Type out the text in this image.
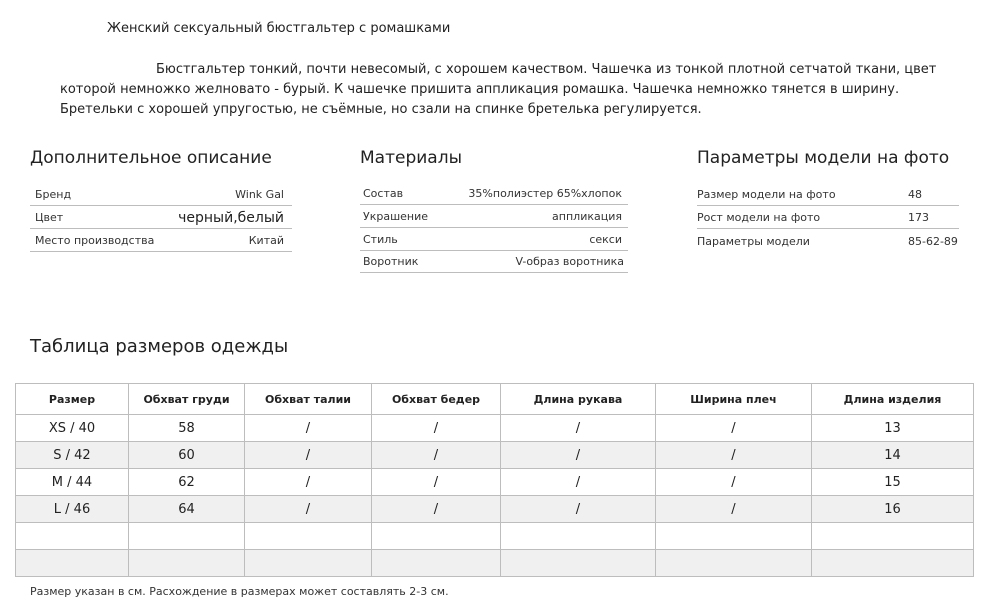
Женский сексуальный бюстгальтер с ромашками
Бюстгальтер тонкий, почти невесомый, с хорошем качеством. Чашечка из тонкой плотной сетчатой ткани, цвет которой немножко желновато - бурый. К чашечке пришита аппликация ромашка. Чашечка немножко тянется в ширину. Бретельки с хорошей упругостью, не съёмные, но сзали на спинке бретелька регулируется.
Дополнительное описание
Бренд	Wink Gal
Цвет	черный,белый
Место производства	Китай
Материалы
Состав	35%полиэстер 65%хлопок
Украшение	аппликация
Стиль	секси
Воротник	V-образ воротника
Параметры модели на фото
Размер модели на фото	48
Рост модели на фото	173
Параметры модели	85-62-89
Таблица размеров одежды
Размер	Обхват груди	Обхват талии	Обхват бедер	Длина рукава	Ширина плеч	Длина изделия
XS / 40	58	/	/	/	/	13
S / 42	60	/	/	/	/	14
M / 44	62	/	/	/	/	15
L / 46	64	/	/	/	/	16

Размер указан в см. Расхождение в размерах может составлять 2-3 см.
